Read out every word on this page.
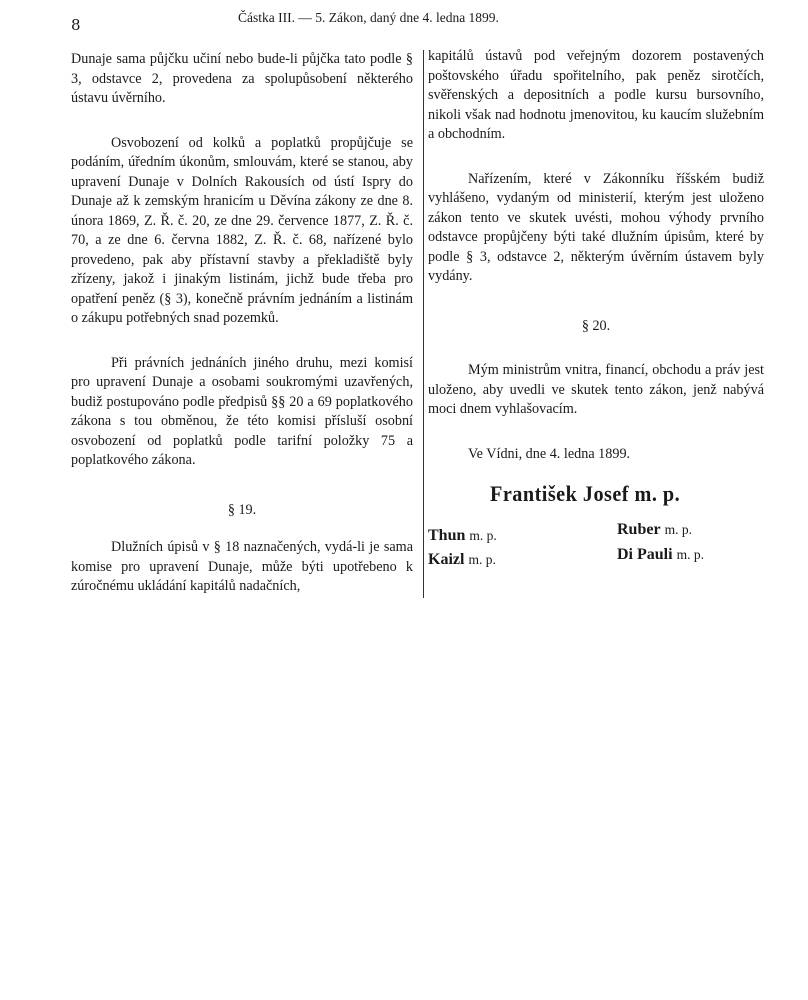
8	Částka III. — 5. Zákon, daný dne 4. ledna 1899.

Dunaje sama půjčku učiní nebo bude-li půjčka tato podle § 3, odstavce 2, provedena za spolupůsobení některého ústavu úvěrního.

Osvobození od kolků a poplatků propůjčuje se podáním, úředním úkonům, smlouvám, které se stanou, aby upravení Dunaje v Dolních Rakousích od ústí Ispry do Dunaje až k zemským hranicím u Děvína zákony ze dne 8. února 1869, Z. Ř. č. 20, ze dne 29. července 1877, Z. Ř. č. 70, a ze dne 6. června 1882, Z. Ř. č. 68, nařízené bylo provedeno, pak aby přístavní stavby a překladiště byly zřízeny, jakož i jinakým listinám, jichž bude třeba pro opatření peněz (§ 3), konečně právním jednáním a listinám o zákupu potřebných snad pozemků.

Při právních jednáních jiného druhu, mezi komisí pro upravení Dunaje a osobami soukromými uzavřených, budiž postupováno podle předpisů §§ 20 a 69 poplatkového zákona s tou obměnou, že této komisi přísluší osobní osvobození od poplatků podle tarifní položky 75 a poplatkového zákona.

§ 19.

Dlužních úpisů v § 18 naznačených, vydá-li je sama komise pro upravení Dunaje, může býti upotřebeno k zúročnému ukládání kapitálů nadačních,

kapitálů ústavů pod veřejným dozorem postavených poštovského úřadu spořitelního, pak peněz sirotčích, svěřenských a depositních a podle kursu bursovního, nikoli však nad hodnotu jmenovitou, ku kaucím služebním a obchodním.

Nařízením, které v Zákonníku říšském budiž vyhlášeno, vydaným od ministerií, kterým jest uloženo zákon tento ve skutek uvésti, mohou výhody prvního odstavce propůjčeny býti také dlužním úpisům, které by podle § 3, odstavce 2, některým úvěrním ústavem byly vydány.

§ 20.

Mým ministrům vnitra, financí, obchodu a práv jest uloženo, aby uvedli ve skutek tento zákon, jenž nabývá moci dnem vyhlašovacím.

Ve Vídni, dne 4. ledna 1899.

František Josef m. p.
Thun m. p.	Ruber m. p.
Kaizl m. p.	Di Pauli m. p.
